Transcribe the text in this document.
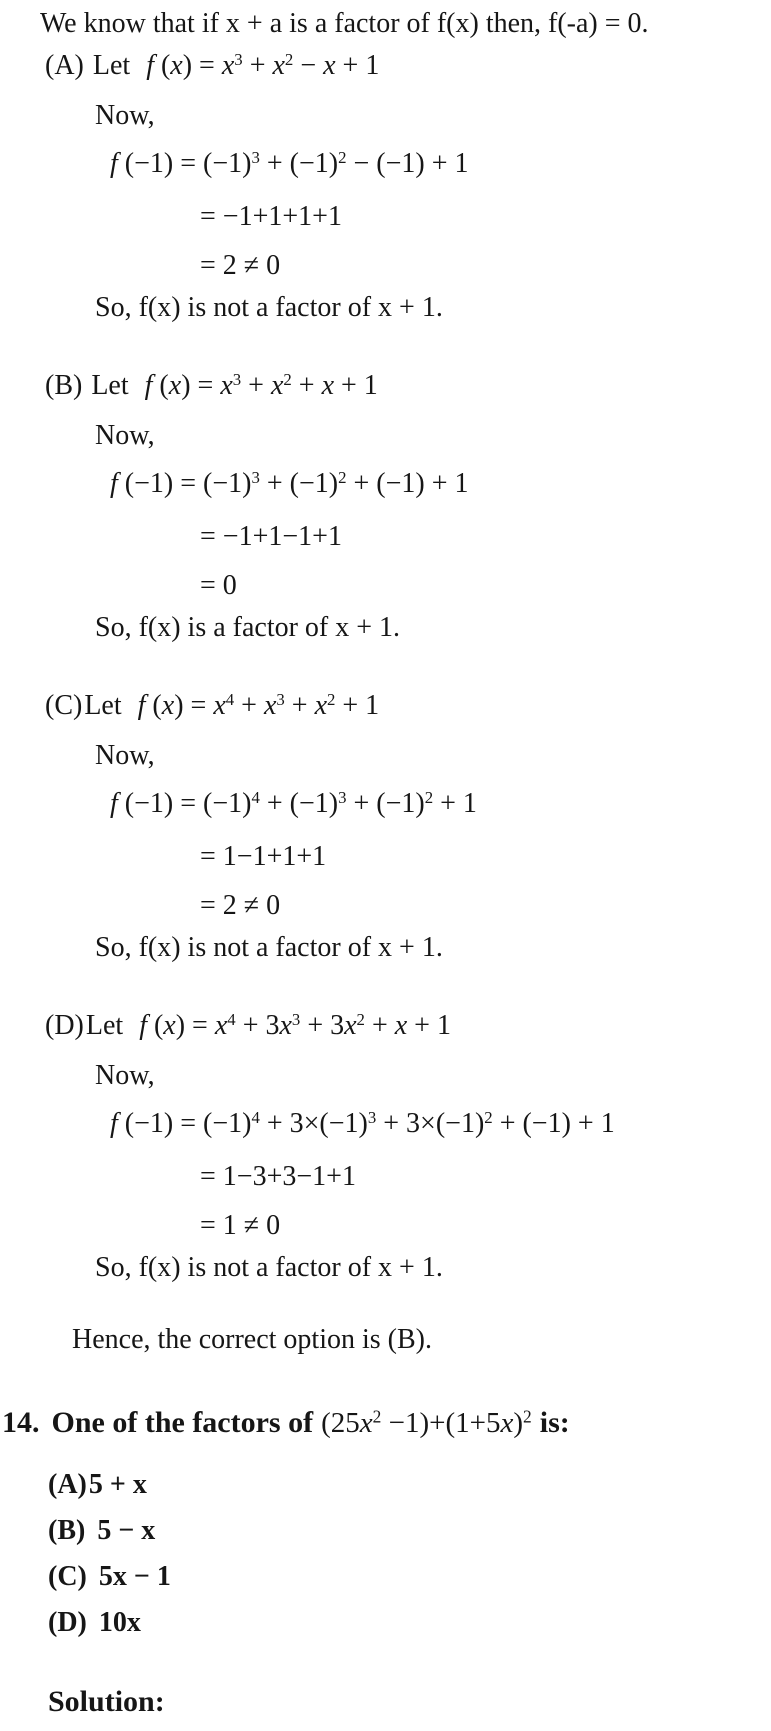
We know that if x + a is a factor of f(x) then, f(-a) = 0.

(A) Let f $(x) = x^3 + x^2 - x + 1$

Now,

f $(-1) = (-1)^3 + (-1)^2 - (-1) + 1$

= −1+1+1+1

= 2 ≠ 0

So, f(x) is not a factor of x + 1.

(B) Let f $(x) = x^3 + x^2 + x + 1$

Now,

f $(-1) = (-1)^3 + (-1)^2 + (-1) + 1$

= −1+1−1+1

= 0

So, f(x) is a factor of x + 1.

(C)Let f $(x) = x^4 + x^3 + x^2 + 1$

Now,

f $(-1) = (-1)^4 + (-1)^3 + (-1)^2 + 1$

= 1−1+1+1

= 2 ≠ 0

So, f(x) is not a factor of x + 1.

(D)Let f $(x) = x^4 + 3x^3 + 3x^2 + x + 1$

Now,

f $(-1) = (-1)^4 + 3\times(-1)^3 + 3\times(-1)^2 + (-1) + 1$

= 1−3+3−1+1

= 1 ≠ 0

So, f(x) is not a factor of x + 1.

Hence, the correct option is (B).

14. One of the factors of $(25x^2 -1)+(1+5x)^2$ is:

(A)5 + x

(B) 5 − x

(C) 5x − 1

(D) 10x

Solution:
